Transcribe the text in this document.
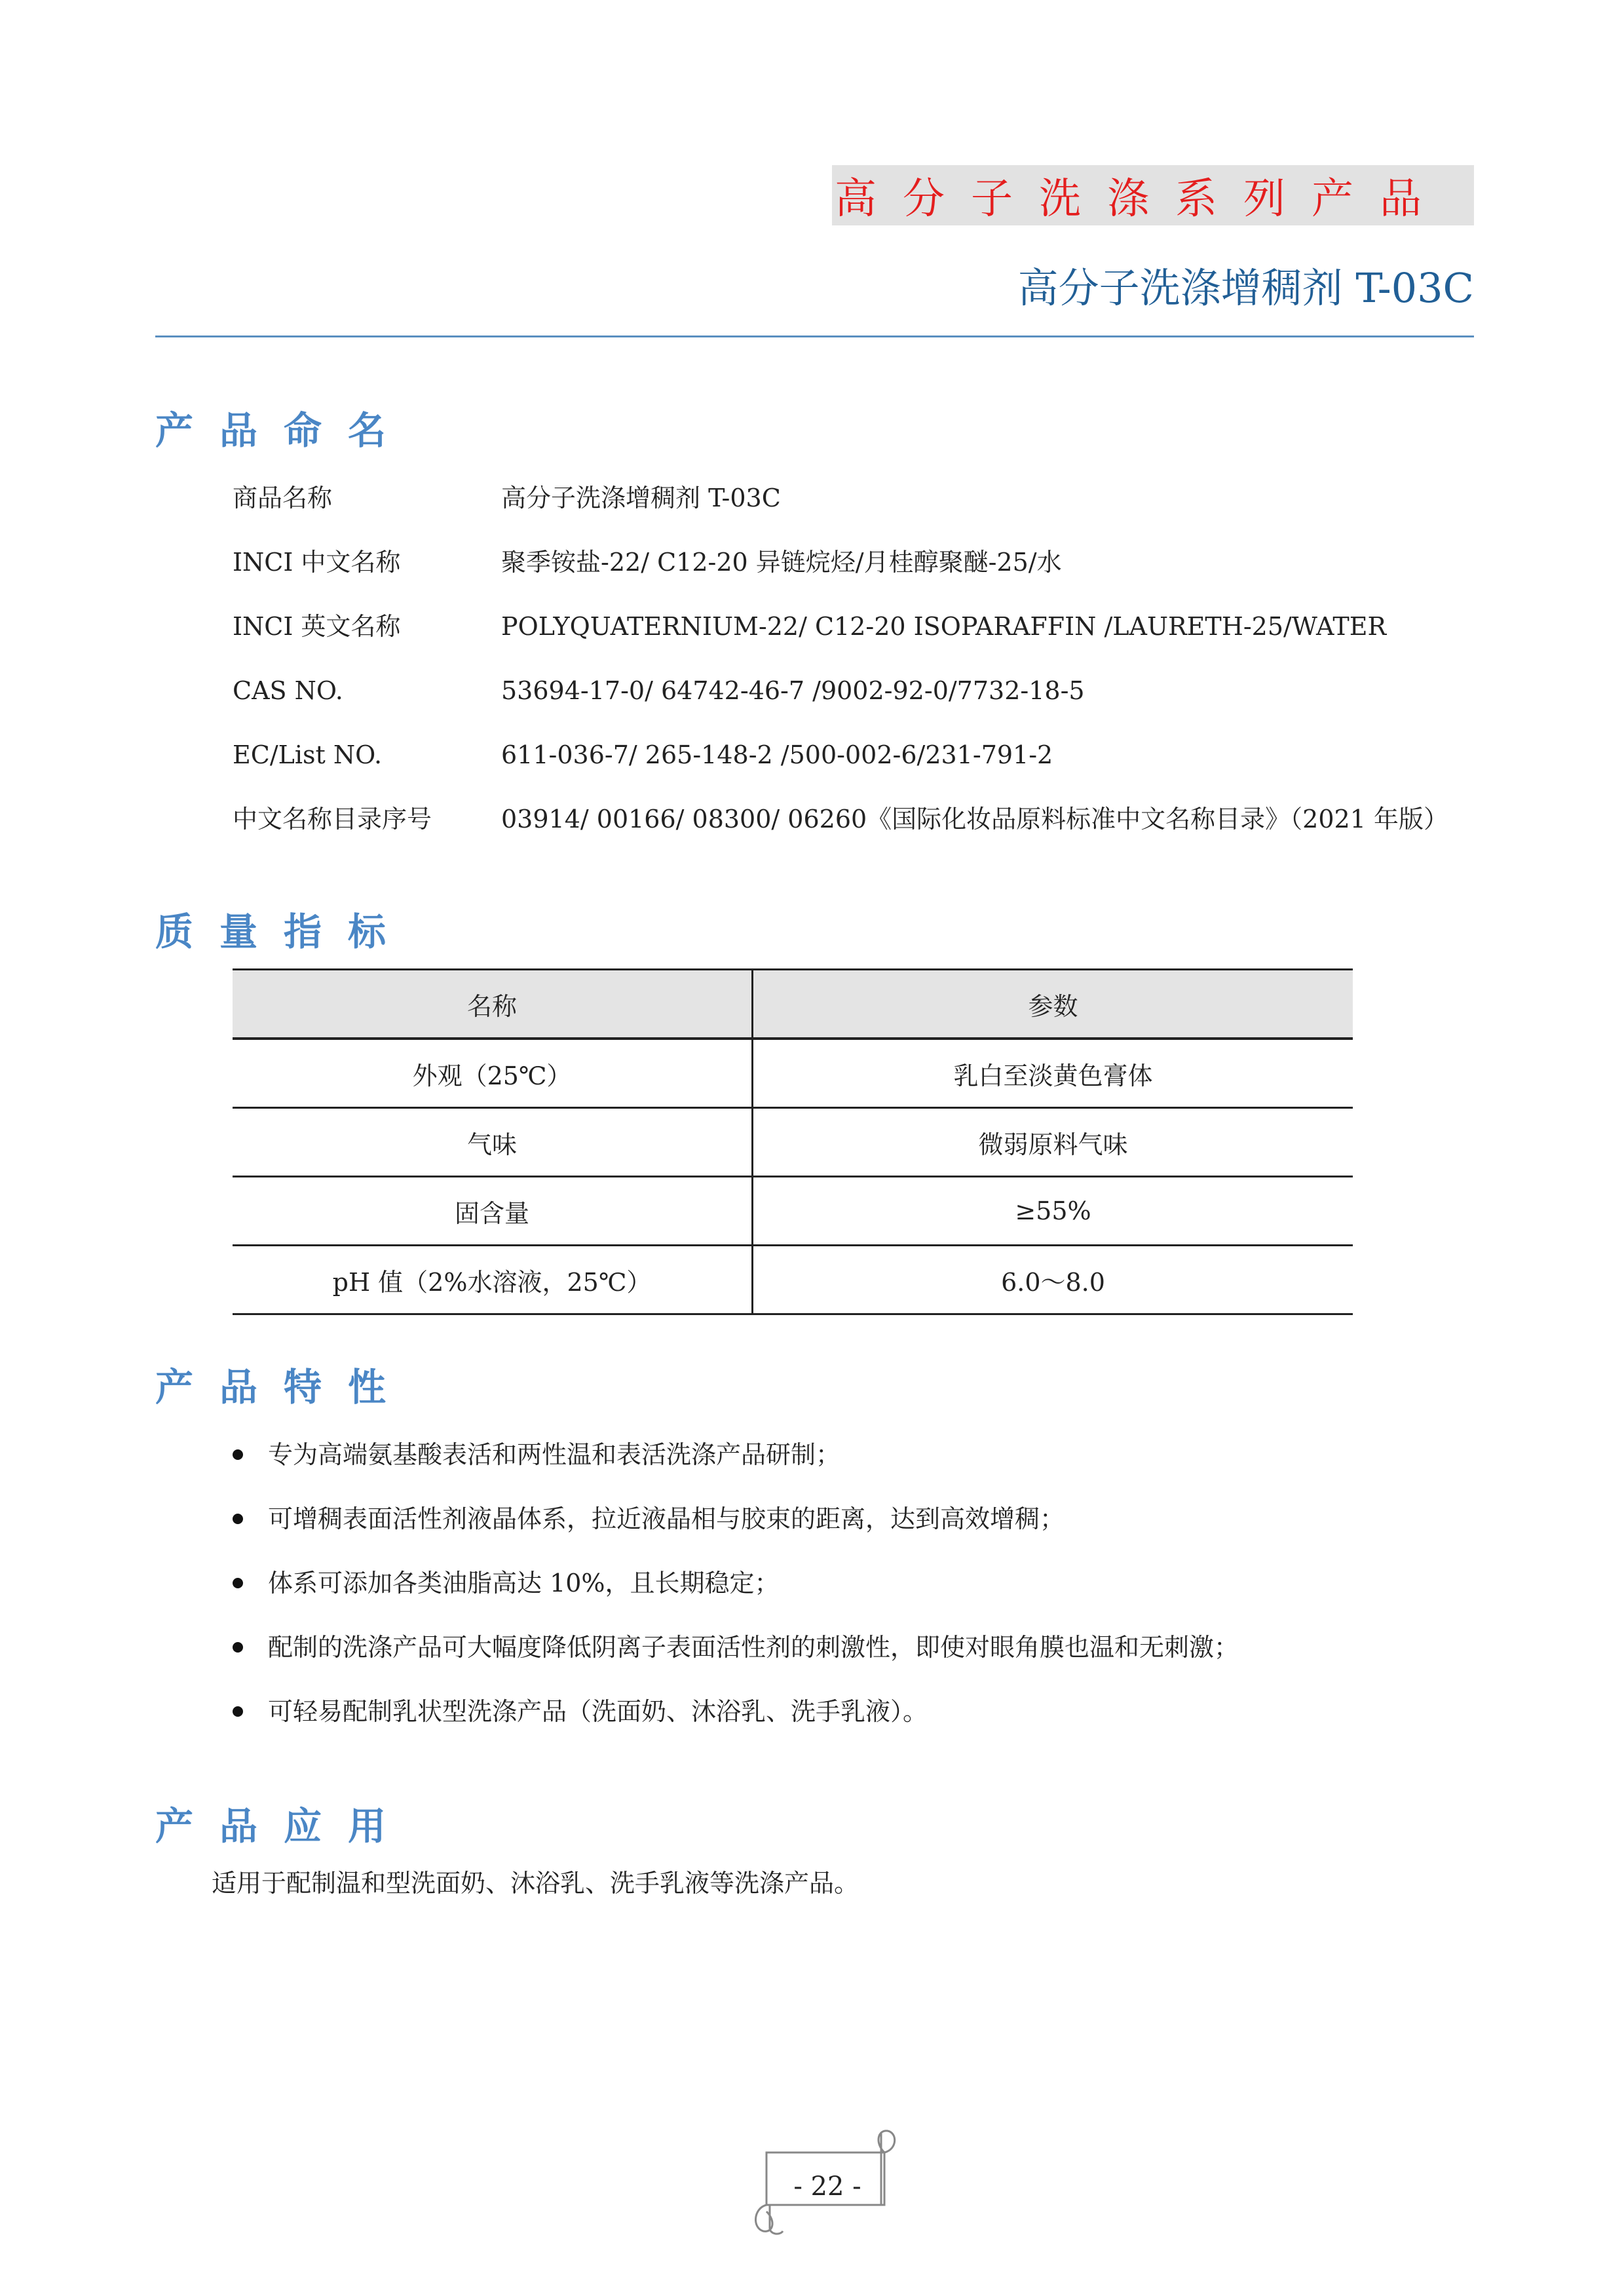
高分子洗涤系列产品
高分子洗涤增稠剂 T-03C
产品命名
商品名称	高分子洗涤增稠剂 T-03C
INCI 中文名称	聚季铵盐-22/ C12-20 异链烷烃/月桂醇聚醚-25/水
INCI 英文名称	POLYQUATERNIUM-22/ C12-20 ISOPARAFFIN /LAURETH-25/WATER
CAS NO.	53694-17-0/ 64742-46-7 /9002-92-0/7732-18-5
EC/List NO.	611-036-7/ 265-148-2 /500-002-6/231-791-2
中文名称目录序号	03914/ 00166/ 08300/ 06260《国际化妆品原料标准中文名称目录》（2021 年版）
质量指标
名称	参数
外观（25℃）	乳白至淡黄色膏体
气味	微弱原料气味
固含量	≥55%
pH 值（2%水溶液，25℃）	6.0～8.0
产品特性
专为高端氨基酸表活和两性温和表活洗涤产品研制；
可增稠表面活性剂液晶体系，拉近液晶相与胶束的距离，达到高效增稠；
体系可添加各类油脂高达 10%，且长期稳定；
配制的洗涤产品可大幅度降低阴离子表面活性剂的刺激性，即使对眼角膜也温和无刺激；
可轻易配制乳状型洗涤产品（洗面奶、沐浴乳、洗手乳液）。
产品应用
适用于配制温和型洗面奶、沐浴乳、洗手乳液等洗涤产品。
- 22 -
